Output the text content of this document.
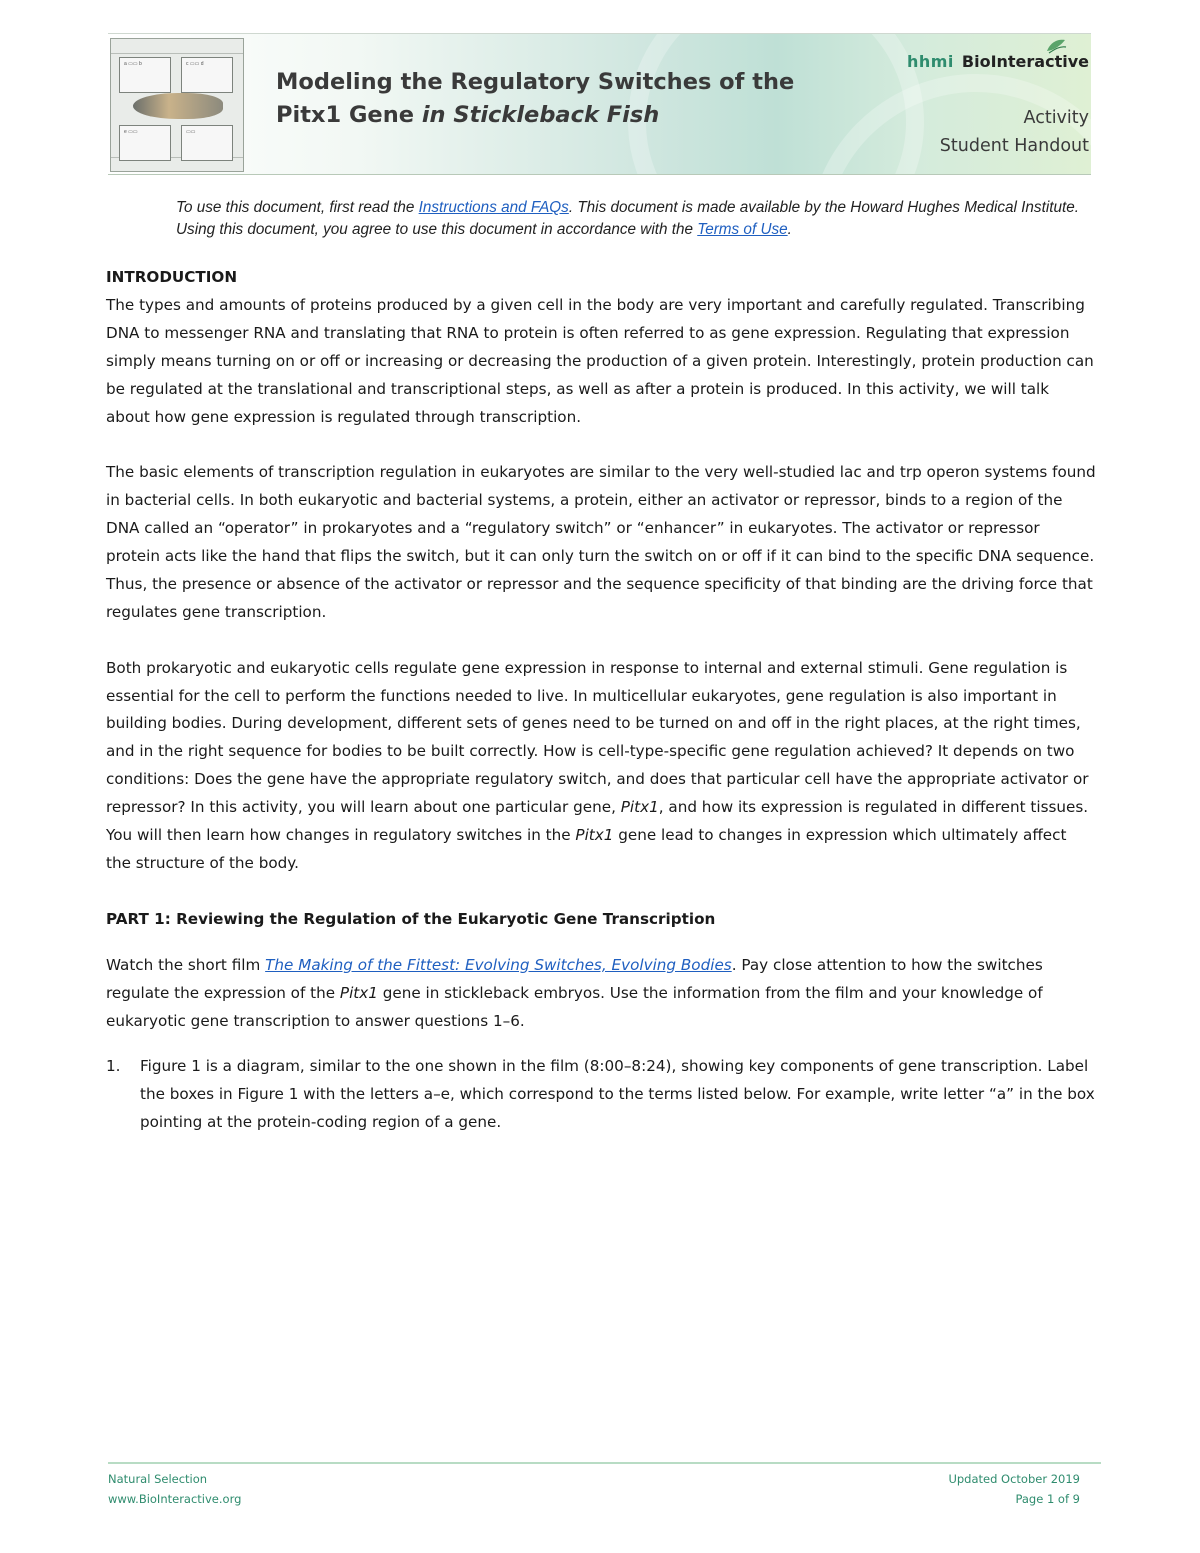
a ▭▭ b	c ▭▭ d
e ▭▭	▭▭
Modeling the Regulatory Switches of the
Pitx1 Gene in Stickleback Fish
hhmi BioInteractive
Activity
Student Handout
To use this document, first read the Instructions and FAQs. This document is made available by the Howard Hughes Medical Institute. Using this document, you agree to use this document in accordance with the Terms of Use.

INTRODUCTION

The types and amounts of proteins produced by a given cell in the body are very important and carefully regulated. Transcribing DNA to messenger RNA and translating that RNA to protein is often referred to as gene expression. Regulating that expression simply means turning on or off or increasing or decreasing the production of a given protein. Interestingly, protein production can be regulated at the translational and transcriptional steps, as well as after a protein is produced. In this activity, we will talk about how gene expression is regulated through transcription.

The basic elements of transcription regulation in eukaryotes are similar to the very well-studied lac and trp operon systems found in bacterial cells. In both eukaryotic and bacterial systems, a protein, either an activator or repressor, binds to a region of the DNA called an “operator” in prokaryotes and a “regulatory switch” or “enhancer” in eukaryotes. The activator or repressor protein acts like the hand that flips the switch, but it can only turn the switch on or off if it can bind to the specific DNA sequence. Thus, the presence or absence of the activator or repressor and the sequence specificity of that binding are the driving force that regulates gene transcription.

Both prokaryotic and eukaryotic cells regulate gene expression in response to internal and external stimuli. Gene regulation is essential for the cell to perform the functions needed to live. In multicellular eukaryotes, gene regulation is also important in building bodies. During development, different sets of genes need to be turned on and off in the right places, at the right times, and in the right sequence for bodies to be built correctly. How is cell-type-specific gene regulation achieved? It depends on two conditions: Does the gene have the appropriate regulatory switch, and does that particular cell have the appropriate activator or repressor? In this activity, you will learn about one particular gene, Pitx1, and how its expression is regulated in different tissues. You will then learn how changes in regulatory switches in the Pitx1 gene lead to changes in expression which ultimately affect the structure of the body.

PART 1: Reviewing the Regulation of the Eukaryotic Gene Transcription

Watch the short film The Making of the Fittest: Evolving Switches, Evolving Bodies. Pay close attention to how the switches regulate the expression of the Pitx1 gene in stickleback embryos. Use the information from the film and your knowledge of eukaryotic gene transcription to answer questions 1–6.

1.	Figure 1 is a diagram, similar to the one shown in the film (8:00–8:24), showing key components of gene transcription. Label the boxes in Figure 1 with the letters a–e, which correspond to the terms listed below. For example, write letter “a” in the box pointing at the protein-coding region of a gene.
Natural Selection
www.BioInteractive.org
Updated October 2019
Page 1 of 9
